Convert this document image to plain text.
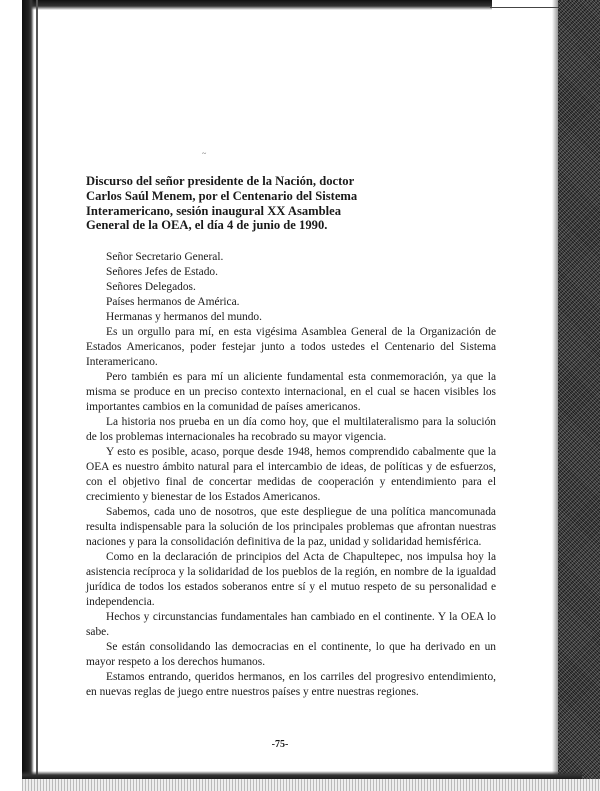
~
Discurso del señor presidente de la Nación, doctor Carlos Saúl Menem, por el Centenario del Sistema Interamericano, sesión inaugural XX Asamblea General de la OEA, el día 4 de junio de 1990.

Señor Secretario General.

Señores Jefes de Estado.

Señores Delegados.

Países hermanos de América.

Hermanas y hermanos del mundo.

Es un orgullo para mí, en esta vigésima Asamblea General de la Organización de Estados Americanos, poder festejar junto a todos ustedes el Centenario del Sistema Interamericano.

Pero también es para mí un aliciente fundamental esta conmemoración, ya que la misma se produce en un preciso contexto internacional, en el cual se hacen visibles los importantes cambios en la comunidad de países americanos.

La historia nos prueba en un día como hoy, que el multilateralismo para la solución de los problemas internacionales ha recobrado su mayor vigencia.

Y esto es posible, acaso, porque desde 1948, hemos comprendido cabalmente que la OEA es nuestro ámbito natural para el intercambio de ideas, de políticas y de esfuerzos, con el objetivo final de concertar medidas de cooperación y entendimiento para el crecimiento y bienestar de los Estados Americanos.

Sabemos, cada uno de nosotros, que este despliegue de una política mancomunada resulta indispensable para la solución de los principales problemas que afrontan nuestras naciones y para la consolidación definitiva de la paz, unidad y solidaridad hemisférica.

Como en la declaración de principios del Acta de Chapultepec, nos impulsa hoy la asistencia recíproca y la solidaridad de los pueblos de la región, en nombre de la igualdad jurídica de todos los estados soberanos entre sí y el mutuo respeto de su personalidad e independencia.

Hechos y circunstancias fundamentales han cambiado en el continente. Y la OEA lo sabe.

Se están consolidando las democracias en el continente, lo que ha derivado en un mayor respeto a los derechos humanos.

Estamos entrando, queridos hermanos, en los carriles del progresivo entendimiento, en nuevas reglas de juego entre nuestros países y entre nuestras regiones.

-75-
